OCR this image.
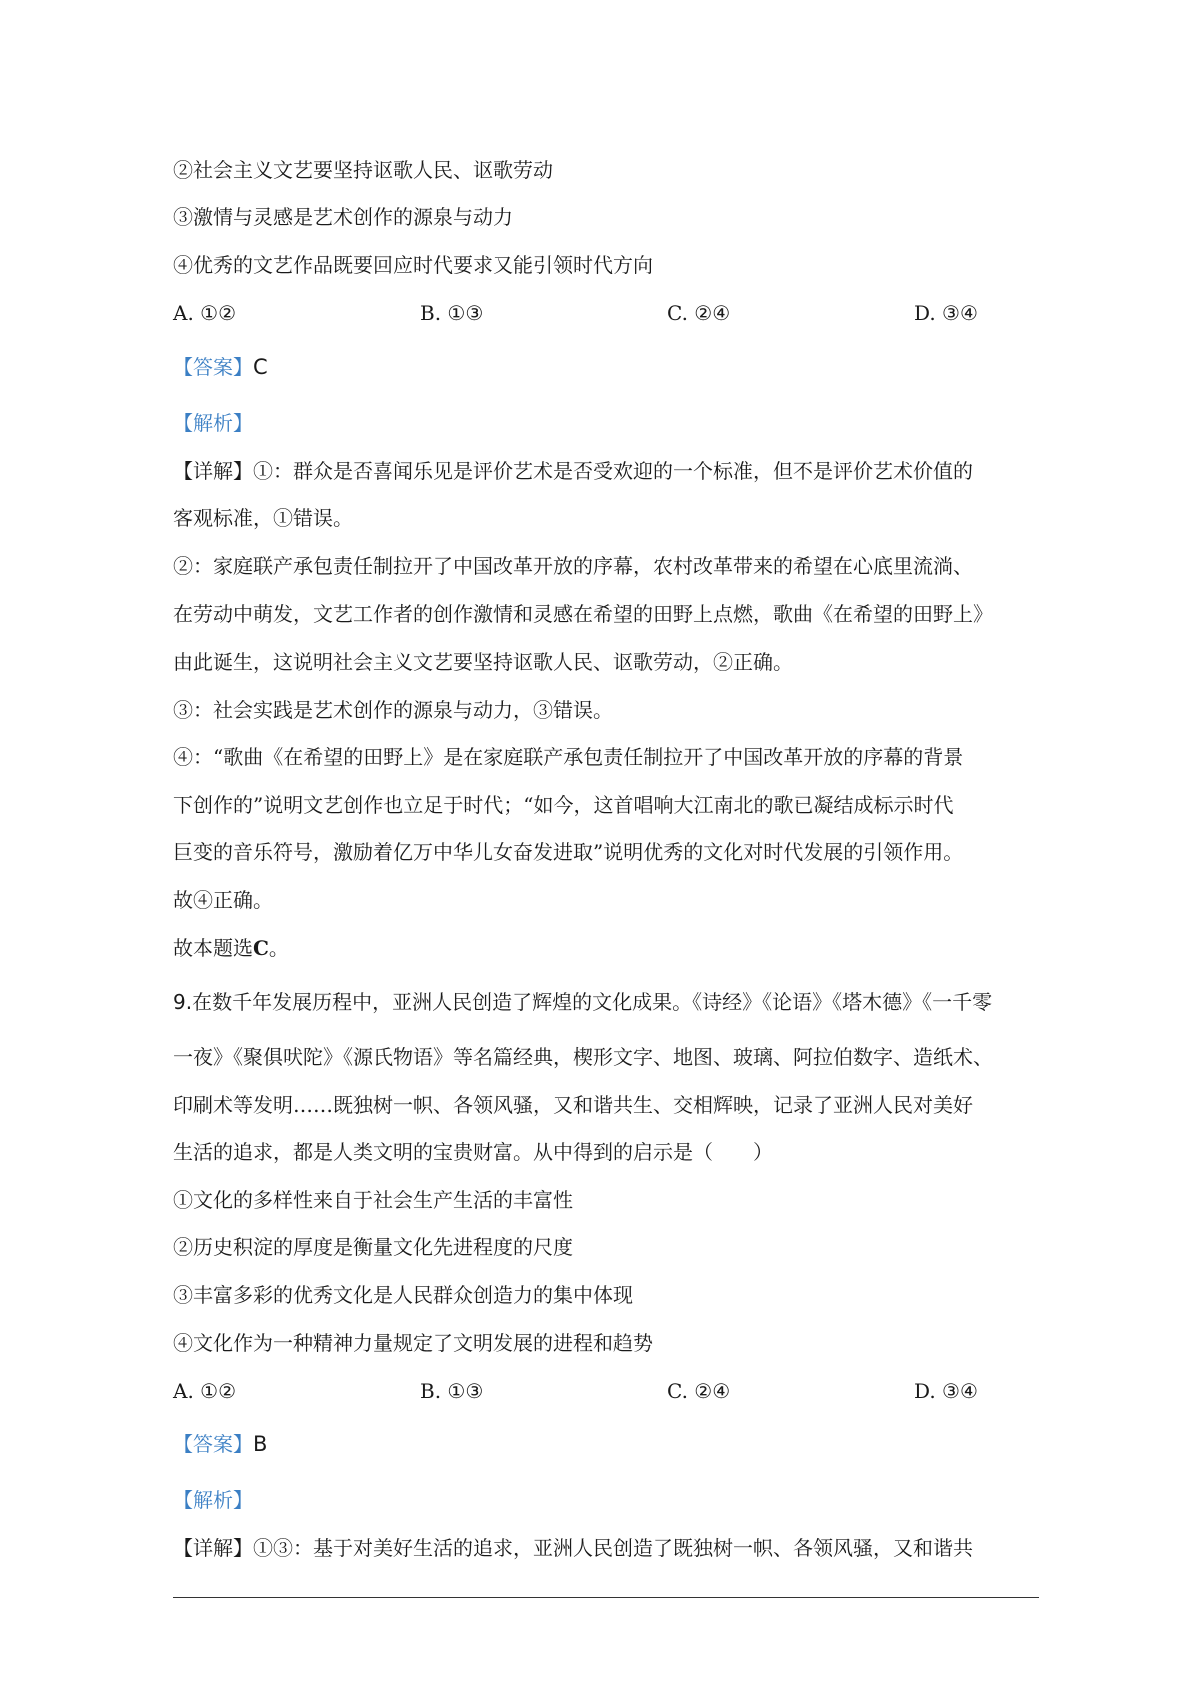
②社会主义文艺要坚持讴歌人民、讴歌劳动
③激情与灵感是艺术创作的源泉与动力
④优秀的文艺作品既要回应时代要求又能引领时代方向
A. ①②	B. ①③	C. ②④	D. ③④
【答案】C
【解析】
【详解】①：群众是否喜闻乐见是评价艺术是否受欢迎的一个标准，但不是评价艺术价值的
客观标准，①错误。
②：家庭联产承包责任制拉开了中国改革开放的序幕，农村改革带来的希望在心底里流淌、
在劳动中萌发，文艺工作者的创作激情和灵感在希望的田野上点燃，歌曲《在希望的田野上》
由此诞生，这说明社会主义文艺要坚持讴歌人民、讴歌劳动，②正确。
③：社会实践是艺术创作的源泉与动力，③错误。
④：“歌曲《在希望的田野上》是在家庭联产承包责任制拉开了中国改革开放的序幕的背景
下创作的”说明文艺创作也立足于时代；“如今，这首唱响大江南北的歌已凝结成标示时代
巨变的音乐符号，激励着亿万中华儿女奋发进取”说明优秀的文化对时代发展的引领作用。
故④正确。
故本题选C。
9.在数千年发展历程中，亚洲人民创造了辉煌的文化成果。《诗经》《论语》《塔木德》《一千零
一夜》《聚俱吠陀》《源氏物语》等名篇经典，楔形文字、地图、玻璃、阿拉伯数字、造纸术、
印刷术等发明……既独树一帜、各领风骚，又和谐共生、交相辉映，记录了亚洲人民对美好
生活的追求，都是人类文明的宝贵财富。从中得到的启示是（　　）
①文化的多样性来自于社会生产生活的丰富性
②历史积淀的厚度是衡量文化先进程度的尺度
③丰富多彩的优秀文化是人民群众创造力的集中体现
④文化作为一种精神力量规定了文明发展的进程和趋势
A. ①②	B. ①③	C. ②④	D. ③④
【答案】B
【解析】
【详解】①③：基于对美好生活的追求，亚洲人民创造了既独树一帜、各领风骚，又和谐共
